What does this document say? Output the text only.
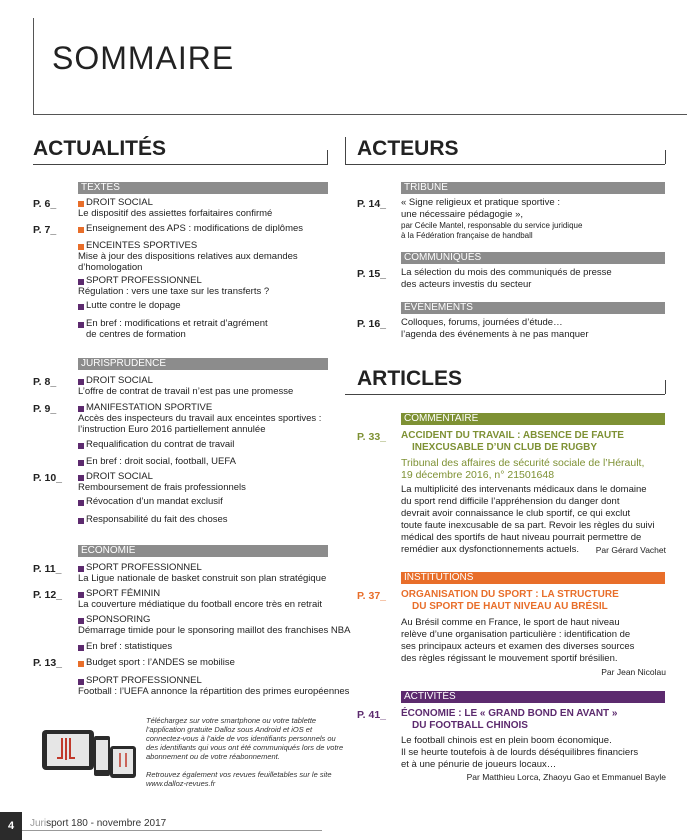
SOMMAIRE
ACTUALITÉS
TEXTES
P. 6_	DROIT SOCIAL
Le dispositif des assiettes forfaitaires confirmé
P. 7_	Enseignement des APS : modifications de diplômes
ENCEINTES SPORTIVES
Mise à jour des dispositions relatives aux demandes
d’homologation
SPORT PROFESSIONNEL
Régulation : vers une taxe sur les transferts ?
Lutte contre le dopage
En bref : modifications et retrait d’agrément
de centres de formation
JURISPRUDENCE
P. 8_	DROIT SOCIAL
L’offre de contrat de travail n’est pas une promesse
P. 9_	MANIFESTATION SPORTIVE
Accès des inspecteurs du travail aux enceintes sportives :
l’instruction Euro 2016 partiellement annulée
Requalification du contrat de travail
En bref : droit social, football, UEFA
P. 10_	DROIT SOCIAL
Remboursement de frais professionnels
Révocation d’un mandat exclusif
Responsabilité du fait des choses
ÉCONOMIE
P. 11_	SPORT PROFESSIONNEL
La Ligue nationale de basket construit son plan stratégique
P. 12_	SPORT FÉMININ
La couverture médiatique du football encore très en retrait
SPONSORING
Démarrage timide pour le sponsoring maillot des franchises NBA
En bref : statistiques
P. 13_	Budget sport : l’ANDES se mobilise
SPORT PROFESSIONNEL
Football : l’UEFA annonce la répartition des primes européennes
Téléchargez sur votre smartphone ou votre tablette l’application gratuite Dalloz sous Android et iOS et connectez-vous à l’aide de vos identifiants personnels ou des identifiants qui vous ont été communiqués lors de votre abonnement ou de votre réabonnement.
Retrouvez également vos revues feuilletables sur le site www.dalloz-revues.fr
ACTEURS
TRIBUNE
P. 14_ « Signe religieux et pratique sportive :
une nécessaire pédagogie »,
par Cécile Mantel, responsable du service juridique
à la Fédération française de handball
COMMUNIQUÉS
P. 15_ La sélection du mois des communiqués de presse
des acteurs investis du secteur
ÉVÉNEMENTS
P. 16_ Colloques, forums, journées d’étude…
l’agenda des événements à ne pas manquer
ARTICLES
COMMENTAIRE
P. 33_ ACCIDENT DU TRAVAIL : ABSENCE DE FAUTE
INEXCUSABLE D’UN CLUB DE RUGBY
Tribunal des affaires de sécurité sociale de l’Hérault,
19 décembre 2016, n° 21501648
La multiplicité des intervenants médicaux dans le domaine
du sport rend difficile l’appréhension du danger dont
devrait avoir connaissance le club sportif, ce qui exclut
toute faute inexcusable de sa part. Revoir les règles du suivi
médical des sportifs de haut niveau pourrait permettre de
remédier aux dysfonctionnements actuels.	Par Gérard Vachet
INSTITUTIONS
P. 37_ ORGANISATION DU SPORT : LA STRUCTURE
DU SPORT DE HAUT NIVEAU AU BRÉSIL
Au Brésil comme en France, le sport de haut niveau
relève d’une organisation particulière : identification de
ses principaux acteurs et examen des diverses sources
des règles régissant le mouvement sportif brésilien.
Par Jean Nicolau
ACTIVITÉS
P. 41_ ÉCONOMIE : LE « GRAND BOND EN AVANT »
DU FOOTBALL CHINOIS
Le football chinois est en plein boom économique.
Il se heurte toutefois à de lourds déséquilibres financiers
et à une pénurie de joueurs locaux…
Par Matthieu Lorca, Zhaoyu Gao et Emmanuel Bayle
4	Jurisport 180 - novembre 2017
